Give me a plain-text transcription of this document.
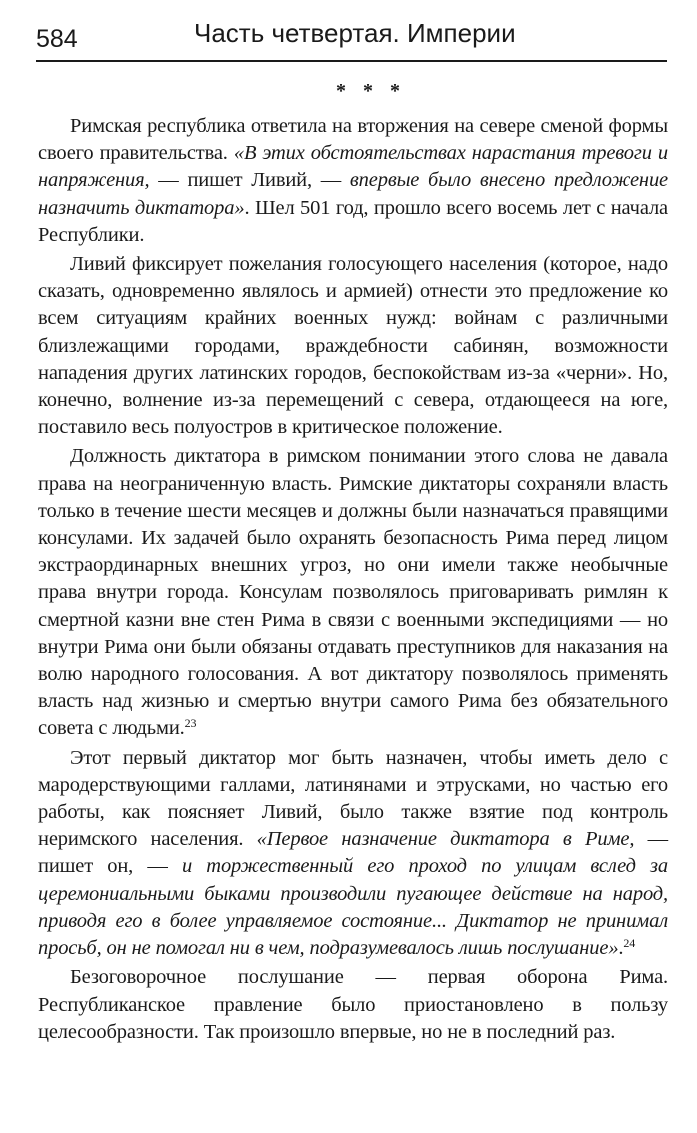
584	Часть четвертая. Империи
* * *

Римская республика ответила на вторжения на севере сменой формы своего правительства. «В этих обстоятельствах нарастания тревоги и напряжения, — пишет Ливий, — впервые было внесено предложение назначить диктатора». Шел 501 год, прошло всего восемь лет с начала Республики.

Ливий фиксирует пожелания голосующего населения (которое, надо сказать, одновременно являлось и армией) отнести это предложение ко всем ситуациям крайних военных нужд: войнам с различными близлежащими городами, враждебности сабинян, возможности нападения других латинских городов, беспокойствам из-за «черни». Но, конечно, волнение из-за перемещений с севера, отдающееся на юге, поставило весь полуостров в критическое положение.

Должность диктатора в римском понимании этого слова не давала права на неограниченную власть. Римские диктаторы сохраняли власть только в течение шести месяцев и должны были назначаться правящими консулами. Их задачей было охранять безопасность Рима перед лицом экстраординарных внешних угроз, но они имели также необычные права внутри города. Консулам позволялось приговаривать римлян к смертной казни вне стен Рима в связи с военными экспедициями — но внутри Рима они были обязаны отдавать преступников для наказания на волю народного голосования. А вот диктатору позволялось применять власть над жизнью и смертью внутри самого Рима без обязательного совета с людьми.$^{23}$

Этот первый диктатор мог быть назначен, чтобы иметь дело с мародерствующими галлами, латинянами и этрусками, но частью его работы, как поясняет Ливий, было также взятие под контроль неримского населения. «Первое назначение диктатора в Риме, — пишет он, — и торжественный его проход по улицам вслед за церемониальными быками производили пугающее действие на народ, приводя его в более управляемое состояние... Диктатор не принимал просьб, он не помогал ни в чем, подразумевалось лишь послушание».$^{24}$

Безоговорочное послушание — первая оборона Рима. Республиканское правление было приостановлено в пользу целесообразности. Так произошло впервые, но не в последний раз.
